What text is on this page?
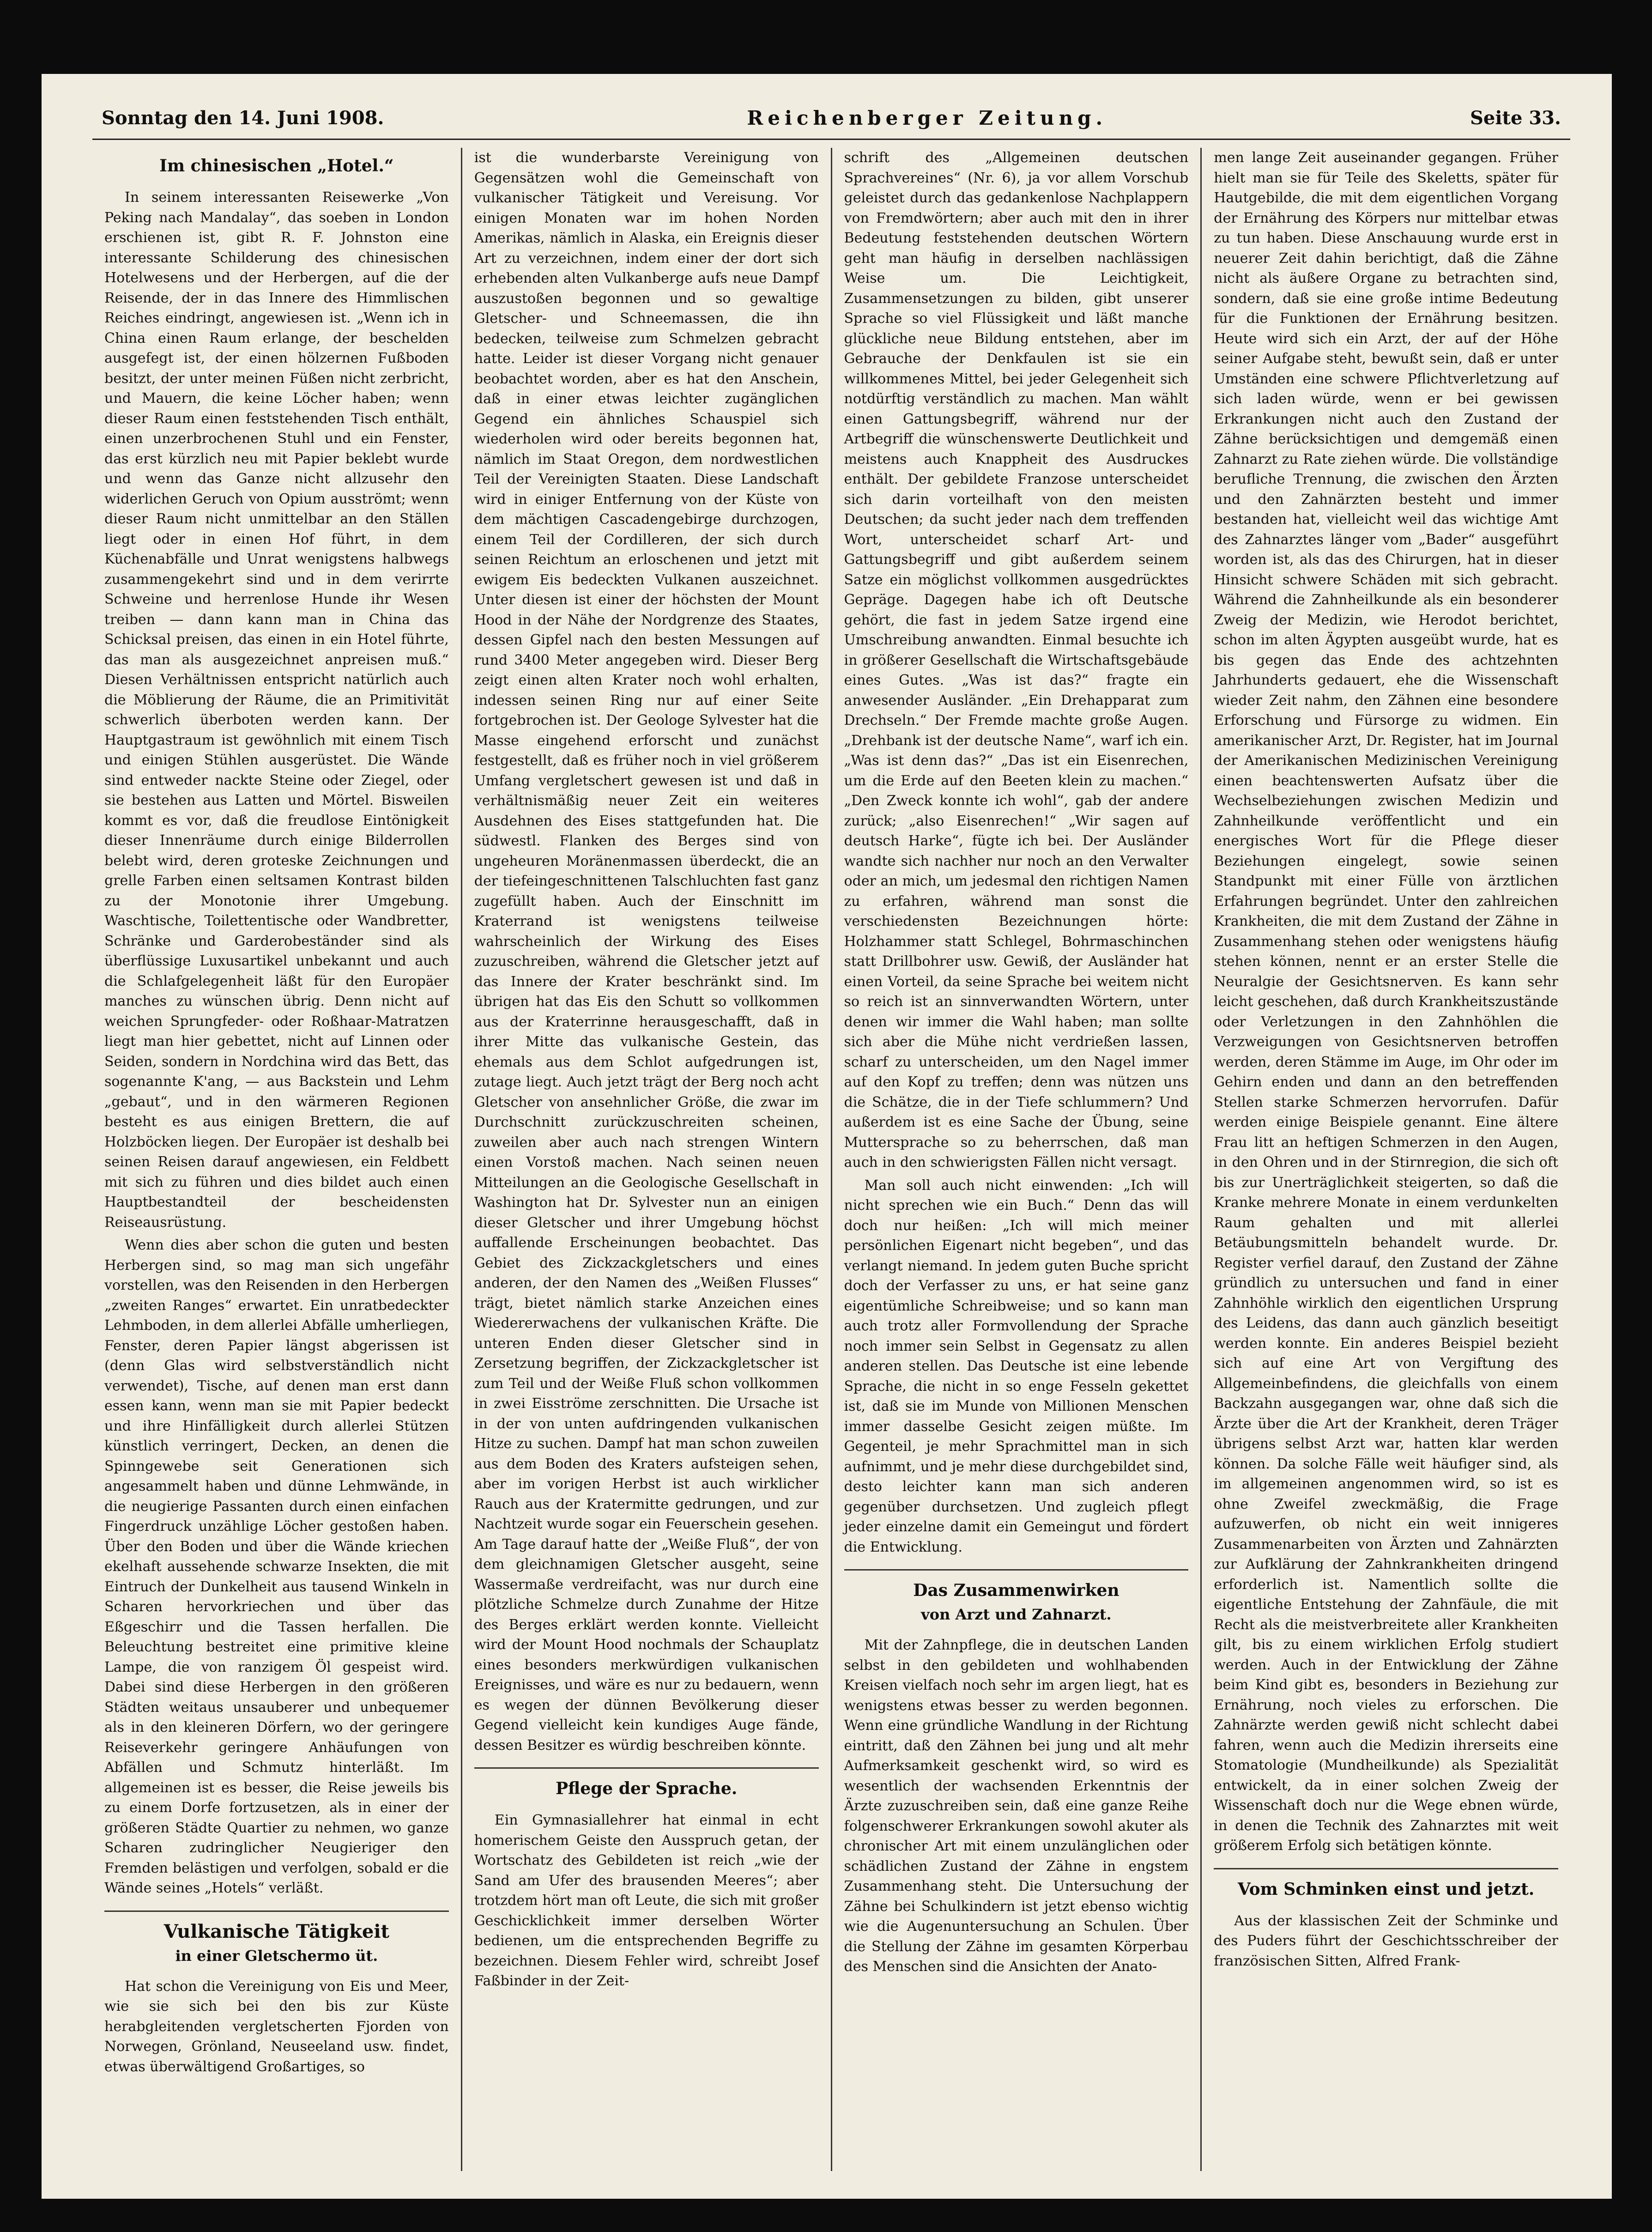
Sonntag den 14. Juni 1908.	Reichenberger Zeitung.	Seite 33.
Im chinesischen „Hotel.“

In seinem interessanten Reisewerke „Von Peking nach Mandalay“, das soeben in London erschienen ist, gibt R. F. Johnston eine interessante Schilderung des chinesischen Hotelwesens und der Herbergen, auf die der Reisende, der in das Innere des Himmlischen Reiches eindringt, angewiesen ist. „Wenn ich in China einen Raum erlange, der beschelden ausgefegt ist, der einen hölzernen Fußboden besitzt, der unter meinen Füßen nicht zerbricht, und Mauern, die keine Löcher haben; wenn dieser Raum einen feststehenden Tisch enthält, einen unzerbrochenen Stuhl und ein Fenster, das erst kürzlich neu mit Papier beklebt wurde und wenn das Ganze nicht allzusehr den widerlichen Geruch von Opium ausströmt; wenn dieser Raum nicht unmittelbar an den Ställen liegt oder in einen Hof führt, in dem Küchenabfälle und Unrat wenigstens halbwegs zusammengekehrt sind und in dem verirrte Schweine und herrenlose Hunde ihr Wesen treiben — dann kann man in China das Schicksal preisen, das einen in ein Hotel führte, das man als ausgezeichnet anpreisen muß.“ Diesen Verhältnissen entspricht natürlich auch die Möblierung der Räume, die an Primitivität schwerlich überboten werden kann. Der Hauptgastraum ist gewöhnlich mit einem Tisch und einigen Stühlen ausgerüstet. Die Wände sind entweder nackte Steine oder Ziegel, oder sie bestehen aus Latten und Mörtel. Bisweilen kommt es vor, daß die freudlose Eintönigkeit dieser Innenräume durch einige Bilderrollen belebt wird, deren groteske Zeichnungen und grelle Farben einen seltsamen Kontrast bilden zu der Monotonie ihrer Umgebung. Waschtische, Toilettentische oder Wandbretter, Schränke und Garderobeständer sind als überflüssige Luxusartikel unbekannt und auch die Schlafgelegenheit läßt für den Europäer manches zu wünschen übrig. Denn nicht auf weichen Sprungfeder- oder Roßhaar-Matratzen liegt man hier gebettet, nicht auf Linnen oder Seiden, sondern in Nordchina wird das Bett, das sogenannte K'ang, — aus Backstein und Lehm „gebaut“, und in den wärmeren Regionen besteht es aus einigen Brettern, die auf Holzböcken liegen. Der Europäer ist deshalb bei seinen Reisen darauf angewiesen, ein Feldbett mit sich zu führen und dies bildet auch einen Hauptbestandteil der bescheidensten Reiseausrüstung.

Wenn dies aber schon die guten und besten Herbergen sind, so mag man sich ungefähr vorstellen, was den Reisenden in den Herbergen „zweiten Ranges“ erwartet. Ein unratbedeckter Lehmboden, in dem allerlei Abfälle umherliegen, Fenster, deren Papier längst abgerissen ist (denn Glas wird selbstverständlich nicht verwendet), Tische, auf denen man erst dann essen kann, wenn man sie mit Papier bedeckt und ihre Hinfälligkeit durch allerlei Stützen künstlich verringert, Decken, an denen die Spinngewebe seit Generationen sich angesammelt haben und dünne Lehmwände, in die neugierige Passanten durch einen einfachen Fingerdruck unzählige Löcher gestoßen haben. Über den Boden und über die Wände kriechen ekelhaft aussehende schwarze Insekten, die mit Eintruch der Dunkelheit aus tausend Winkeln in Scharen hervorkriechen und über das Eßgeschirr und die Tassen herfallen. Die Beleuchtung bestreitet eine primitive kleine Lampe, die von ranzigem Öl gespeist wird. Dabei sind diese Herbergen in den größeren Städten weitaus unsauberer und unbequemer als in den kleineren Dörfern, wo der geringere Reiseverkehr geringere Anhäufungen von Abfällen und Schmutz hinterläßt. Im allgemeinen ist es besser, die Reise jeweils bis zu einem Dorfe fortzusetzen, als in einer der größeren Städte Quartier zu nehmen, wo ganze Scharen zudringlicher Neugieriger den Fremden belästigen und verfolgen, sobald er die Wände seines „Hotels“ verläßt.

Vulkanische Tätigkeit
in einer Gletschermo üt.

Hat schon die Vereinigung von Eis und Meer, wie sie sich bei den bis zur Küste herabgleitenden vergletscherten Fjorden von Norwegen, Grönland, Neuseeland usw. findet, etwas überwältigend Großartiges, so

ist die wunderbarste Vereinigung von Gegensätzen wohl die Gemeinschaft von vulkanischer Tätigkeit und Vereisung. Vor einigen Monaten war im hohen Norden Amerikas, nämlich in Alaska, ein Ereignis dieser Art zu verzeichnen, indem einer der dort sich erhebenden alten Vulkanberge aufs neue Dampf auszustoßen begonnen und so gewaltige Gletscher- und Schneemassen, die ihn bedecken, teilweise zum Schmelzen gebracht hatte. Leider ist dieser Vorgang nicht genauer beobachtet worden, aber es hat den Anschein, daß in einer etwas leichter zugänglichen Gegend ein ähnliches Schauspiel sich wiederholen wird oder bereits begonnen hat, nämlich im Staat Oregon, dem nordwestlichen Teil der Vereinigten Staaten. Diese Landschaft wird in einiger Entfernung von der Küste von dem mächtigen Cascadengebirge durchzogen, einem Teil der Cordilleren, der sich durch seinen Reichtum an erloschenen und jetzt mit ewigem Eis bedeckten Vulkanen auszeichnet. Unter diesen ist einer der höchsten der Mount Hood in der Nähe der Nordgrenze des Staates, dessen Gipfel nach den besten Messungen auf rund 3400 Meter angegeben wird. Dieser Berg zeigt einen alten Krater noch wohl erhalten, indessen seinen Ring nur auf einer Seite fortgebrochen ist. Der Geologe Sylvester hat die Masse eingehend erforscht und zunächst festgestellt, daß es früher noch in viel größerem Umfang vergletschert gewesen ist und daß in verhältnismäßig neuer Zeit ein weiteres Ausdehnen des Eises stattgefunden hat. Die südwestl. Flanken des Berges sind von ungeheuren Moränenmassen überdeckt, die an der tiefeingeschnittenen Talschluchten fast ganz zugefüllt haben. Auch der Einschnitt im Kraterrand ist wenigstens teilweise wahrscheinlich der Wirkung des Eises zuzuschreiben, während die Gletscher jetzt auf das Innere der Krater beschränkt sind. Im übrigen hat das Eis den Schutt so vollkommen aus der Kraterrinne herausgeschafft, daß in ihrer Mitte das vulkanische Gestein, das ehemals aus dem Schlot aufgedrungen ist, zutage liegt. Auch jetzt trägt der Berg noch acht Gletscher von ansehnlicher Größe, die zwar im Durchschnitt zurückzuschreiten scheinen, zuweilen aber auch nach strengen Wintern einen Vorstoß machen. Nach seinen neuen Mitteilungen an die Geologische Gesellschaft in Washington hat Dr. Sylvester nun an einigen dieser Gletscher und ihrer Umgebung höchst auffallende Erscheinungen beobachtet. Das Gebiet des Zickzackgletschers und eines anderen, der den Namen des „Weißen Flusses“ trägt, bietet nämlich starke Anzeichen eines Wiedererwachens der vulkanischen Kräfte. Die unteren Enden dieser Gletscher sind in Zersetzung begriffen, der Zickzackgletscher ist zum Teil und der Weiße Fluß schon vollkommen in zwei Eisströme zerschnitten. Die Ursache ist in der von unten aufdringenden vulkanischen Hitze zu suchen. Dampf hat man schon zuweilen aus dem Boden des Kraters aufsteigen sehen, aber im vorigen Herbst ist auch wirklicher Rauch aus der Kratermitte gedrungen, und zur Nachtzeit wurde sogar ein Feuerschein gesehen. Am Tage darauf hatte der „Weiße Fluß“, der von dem gleichnamigen Gletscher ausgeht, seine Wassermaße verdreifacht, was nur durch eine plötzliche Schmelze durch Zunahme der Hitze des Berges erklärt werden konnte. Vielleicht wird der Mount Hood nochmals der Schauplatz eines besonders merkwürdigen vulkanischen Ereignisses, und wäre es nur zu bedauern, wenn es wegen der dünnen Bevölkerung dieser Gegend vielleicht kein kundiges Auge fände, dessen Besitzer es würdig beschreiben könnte.

Pflege der Sprache.

Ein Gymnasiallehrer hat einmal in echt homerischem Geiste den Ausspruch getan, der Wortschatz des Gebildeten ist reich „wie der Sand am Ufer des brausenden Meeres“; aber trotzdem hört man oft Leute, die sich mit großer Geschicklichkeit immer derselben Wörter bedienen, um die entsprechenden Begriffe zu bezeichnen. Diesem Fehler wird, schreibt Josef Faßbinder in der Zeit-

schrift des „Allgemeinen deutschen Sprachvereines“ (Nr. 6), ja vor allem Vorschub geleistet durch das gedankenlose Nachplappern von Fremdwörtern; aber auch mit den in ihrer Bedeutung feststehenden deutschen Wörtern geht man häufig in derselben nachlässigen Weise um. Die Leichtigkeit, Zusammensetzungen zu bilden, gibt unserer Sprache so viel Flüssigkeit und läßt manche glückliche neue Bildung entstehen, aber im Gebrauche der Denkfaulen ist sie ein willkommenes Mittel, bei jeder Gelegenheit sich notdürftig verständlich zu machen. Man wählt einen Gattungsbegriff, während nur der Artbegriff die wünschenswerte Deutlichkeit und meistens auch Knappheit des Ausdruckes enthält. Der gebildete Franzose unterscheidet sich darin vorteilhaft von den meisten Deutschen; da sucht jeder nach dem treffenden Wort, unterscheidet scharf Art- und Gattungsbegriff und gibt außerdem seinem Satze ein möglichst vollkommen ausgedrücktes Gepräge. Dagegen habe ich oft Deutsche gehört, die fast in jedem Satze irgend eine Umschreibung anwandten. Einmal besuchte ich in größerer Gesellschaft die Wirtschaftsgebäude eines Gutes. „Was ist das?“ fragte ein anwesender Ausländer. „Ein Drehapparat zum Drechseln.“ Der Fremde machte große Augen. „Drehbank ist der deutsche Name“, warf ich ein. „Was ist denn das?“ „Das ist ein Eisenrechen, um die Erde auf den Beeten klein zu machen.“ „Den Zweck konnte ich wohl“, gab der andere zurück; „also Eisenrechen!“ „Wir sagen auf deutsch Harke“, fügte ich bei. Der Ausländer wandte sich nachher nur noch an den Verwalter oder an mich, um jedesmal den richtigen Namen zu erfahren, während man sonst die verschiedensten Bezeichnungen hörte: Holzhammer statt Schlegel, Bohrmaschinchen statt Drillbohrer usw. Gewiß, der Ausländer hat einen Vorteil, da seine Sprache bei weitem nicht so reich ist an sinnverwandten Wörtern, unter denen wir immer die Wahl haben; man sollte sich aber die Mühe nicht verdrießen lassen, scharf zu unterscheiden, um den Nagel immer auf den Kopf zu treffen; denn was nützen uns die Schätze, die in der Tiefe schlummern? Und außerdem ist es eine Sache der Übung, seine Muttersprache so zu beherrschen, daß man auch in den schwierigsten Fällen nicht versagt.

Man soll auch nicht einwenden: „Ich will nicht sprechen wie ein Buch.“ Denn das will doch nur heißen: „Ich will mich meiner persönlichen Eigenart nicht begeben“, und das verlangt niemand. In jedem guten Buche spricht doch der Verfasser zu uns, er hat seine ganz eigentümliche Schreibweise; und so kann man auch trotz aller Formvollendung der Sprache noch immer sein Selbst in Gegensatz zu allen anderen stellen. Das Deutsche ist eine lebende Sprache, die nicht in so enge Fesseln gekettet ist, daß sie im Munde von Millionen Menschen immer dasselbe Gesicht zeigen müßte. Im Gegenteil, je mehr Sprachmittel man in sich aufnimmt, und je mehr diese durchgebildet sind, desto leichter kann man sich anderen gegenüber durchsetzen. Und zugleich pflegt jeder einzelne damit ein Gemeingut und fördert die Entwicklung.

Das Zusammenwirken
von Arzt und Zahnarzt.

Mit der Zahnpflege, die in deutschen Landen selbst in den gebildeten und wohlhabenden Kreisen vielfach noch sehr im argen liegt, hat es wenigstens etwas besser zu werden begonnen. Wenn eine gründliche Wandlung in der Richtung eintritt, daß den Zähnen bei jung und alt mehr Aufmerksamkeit geschenkt wird, so wird es wesentlich der wachsenden Erkenntnis der Ärzte zuzuschreiben sein, daß eine ganze Reihe folgenschwerer Erkrankungen sowohl akuter als chronischer Art mit einem unzulänglichen oder schädlichen Zustand der Zähne in engstem Zusammenhang steht. Die Untersuchung der Zähne bei Schulkindern ist jetzt ebenso wichtig wie die Augenuntersuchung an Schulen. Über die Stellung der Zähne im gesamten Körperbau des Menschen sind die Ansichten der Anato-

men lange Zeit auseinander gegangen. Früher hielt man sie für Teile des Skeletts, später für Hautgebilde, die mit dem eigentlichen Vorgang der Ernährung des Körpers nur mittelbar etwas zu tun haben. Diese Anschauung wurde erst in neuerer Zeit dahin berichtigt, daß die Zähne nicht als äußere Organe zu betrachten sind, sondern, daß sie eine große intime Bedeutung für die Funktionen der Ernährung besitzen. Heute wird sich ein Arzt, der auf der Höhe seiner Aufgabe steht, bewußt sein, daß er unter Umständen eine schwere Pflichtverletzung auf sich laden würde, wenn er bei gewissen Erkrankungen nicht auch den Zustand der Zähne berücksichtigen und demgemäß einen Zahnarzt zu Rate ziehen würde. Die vollständige berufliche Trennung, die zwischen den Ärzten und den Zahnärzten besteht und immer bestanden hat, vielleicht weil das wichtige Amt des Zahnarztes länger vom „Bader“ ausgeführt worden ist, als das des Chirurgen, hat in dieser Hinsicht schwere Schäden mit sich gebracht. Während die Zahnheilkunde als ein besonderer Zweig der Medizin, wie Herodot berichtet, schon im alten Ägypten ausgeübt wurde, hat es bis gegen das Ende des achtzehnten Jahrhunderts gedauert, ehe die Wissenschaft wieder Zeit nahm, den Zähnen eine besondere Erforschung und Fürsorge zu widmen. Ein amerikanischer Arzt, Dr. Register, hat im Journal der Amerikanischen Medizinischen Vereinigung einen beachtenswerten Aufsatz über die Wechselbeziehungen zwischen Medizin und Zahnheilkunde veröffentlicht und ein energisches Wort für die Pflege dieser Beziehungen eingelegt, sowie seinen Standpunkt mit einer Fülle von ärztlichen Erfahrungen begründet. Unter den zahlreichen Krankheiten, die mit dem Zustand der Zähne in Zusammenhang stehen oder wenigstens häufig stehen können, nennt er an erster Stelle die Neuralgie der Gesichtsnerven. Es kann sehr leicht geschehen, daß durch Krankheitszustände oder Verletzungen in den Zahnhöhlen die Verzweigungen von Gesichtsnerven betroffen werden, deren Stämme im Auge, im Ohr oder im Gehirn enden und dann an den betreffenden Stellen starke Schmerzen hervorrufen. Dafür werden einige Beispiele genannt. Eine ältere Frau litt an heftigen Schmerzen in den Augen, in den Ohren und in der Stirnregion, die sich oft bis zur Unerträglichkeit steigerten, so daß die Kranke mehrere Monate in einem verdunkelten Raum gehalten und mit allerlei Betäubungsmitteln behandelt wurde. Dr. Register verfiel darauf, den Zustand der Zähne gründlich zu untersuchen und fand in einer Zahnhöhle wirklich den eigentlichen Ursprung des Leidens, das dann auch gänzlich beseitigt werden konnte. Ein anderes Beispiel bezieht sich auf eine Art von Vergiftung des Allgemeinbefindens, die gleichfalls von einem Backzahn ausgegangen war, ohne daß sich die Ärzte über die Art der Krankheit, deren Träger übrigens selbst Arzt war, hatten klar werden können. Da solche Fälle weit häufiger sind, als im allgemeinen angenommen wird, so ist es ohne Zweifel zweckmäßig, die Frage aufzuwerfen, ob nicht ein weit innigeres Zusammenarbeiten von Ärzten und Zahnärzten zur Aufklärung der Zahnkrankheiten dringend erforderlich ist. Namentlich sollte die eigentliche Entstehung der Zahnfäule, die mit Recht als die meistverbreitete aller Krankheiten gilt, bis zu einem wirklichen Erfolg studiert werden. Auch in der Entwicklung der Zähne beim Kind gibt es, besonders in Beziehung zur Ernährung, noch vieles zu erforschen. Die Zahnärzte werden gewiß nicht schlecht dabei fahren, wenn auch die Medizin ihrerseits eine Stomatologie (Mundheilkunde) als Spezialität entwickelt, da in einer solchen Zweig der Wissenschaft doch nur die Wege ebnen würde, in denen die Technik des Zahnarztes mit weit größerem Erfolg sich betätigen könnte.

Vom Schminken einst und jetzt.

Aus der klassischen Zeit der Schminke und des Puders führt der Geschichtsschreiber der französischen Sitten, Alfred Frank-
